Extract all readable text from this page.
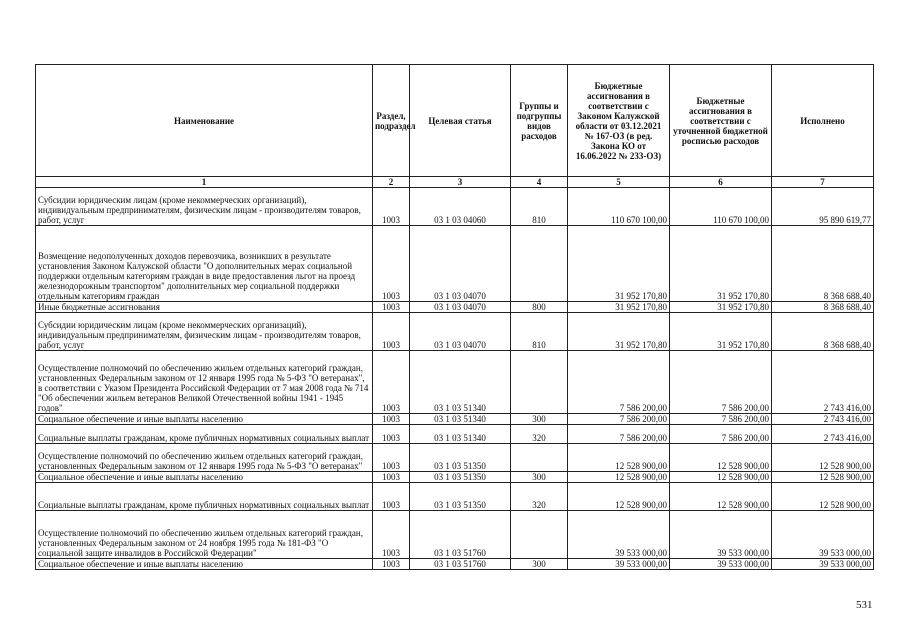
Наименование	Раздел, подраздел	Целевая статья	Группы и подгруппы видов расходов	Бюджетные ассигнования в соответствии с Законом Калужской области от 03.12.2021 № 167-ОЗ (в ред. Закона КО от 16.06.2022 № 233-ОЗ)	Бюджетные ассигнования в соответствии с уточненной бюджетной росписью расходов	Исполнено
1	2	3	4	5	6	7
Субсидии юридическим лицам (кроме некоммерческих организаций), индивидуальным предпринимателям, физическим лицам - производителям товаров, работ, услуг	1003	03 1 03 04060	810	110 670 100,00	110 670 100,00	95 890 619,77
Возмещение недополученных доходов перевозчика, возникших в результате установления Законом Калужской области "О дополнительных мерах социальной поддержки отдельным категориям граждан в виде предоставления льгот на проезд железнодорожным транспортом" дополнительных мер социальной поддержки отдельным категориям граждан	1003	03 1 03 04070		31 952 170,80	31 952 170,80	8 368 688,40
Иные бюджетные ассигнования	1003	03 1 03 04070	800	31 952 170,80	31 952 170,80	8 368 688,40
Субсидии юридическим лицам (кроме некоммерческих организаций), индивидуальным предпринимателям, физическим лицам - производителям товаров, работ, услуг	1003	03 1 03 04070	810	31 952 170,80	31 952 170,80	8 368 688,40
Осуществление полномочий по обеспечению жильем отдельных категорий граждан, установленных Федеральным законом от 12 января 1995 года № 5-ФЗ "О ветеранах", в соответствии с Указом Президента Российской Федерации от 7 мая 2008 года № 714 "Об обеспечении жильем ветеранов Великой Отечественной войны 1941 - 1945 годов"	1003	03 1 03 51340		7 586 200,00	7 586 200,00	2 743 416,00
Социальное обеспечение и иные выплаты населению	1003	03 1 03 51340	300	7 586 200,00	7 586 200,00	2 743 416,00
Социальные выплаты гражданам, кроме публичных нормативных социальных выплат	1003	03 1 03 51340	320	7 586 200,00	7 586 200,00	2 743 416,00
Осуществление полномочий по обеспечению жильем отдельных категорий граждан, установленных Федеральным законом от 12 января 1995 года № 5-ФЗ "О ветеранах"	1003	03 1 03 51350		12 528 900,00	12 528 900,00	12 528 900,00
Социальное обеспечение и иные выплаты населению	1003	03 1 03 51350	300	12 528 900,00	12 528 900,00	12 528 900,00
Социальные выплаты гражданам, кроме публичных нормативных социальных выплат	1003	03 1 03 51350	320	12 528 900,00	12 528 900,00	12 528 900,00
Осуществление полномочий по обеспечению жильем отдельных категорий граждан, установленных Федеральным законом от 24 ноября 1995 года № 181-ФЗ "О социальной защите инвалидов в Российской Федерации"	1003	03 1 03 51760		39 533 000,00	39 533 000,00	39 533 000,00
Социальное обеспечение и иные выплаты населению	1003	03 1 03 51760	300	39 533 000,00	39 533 000,00	39 533 000,00
531
